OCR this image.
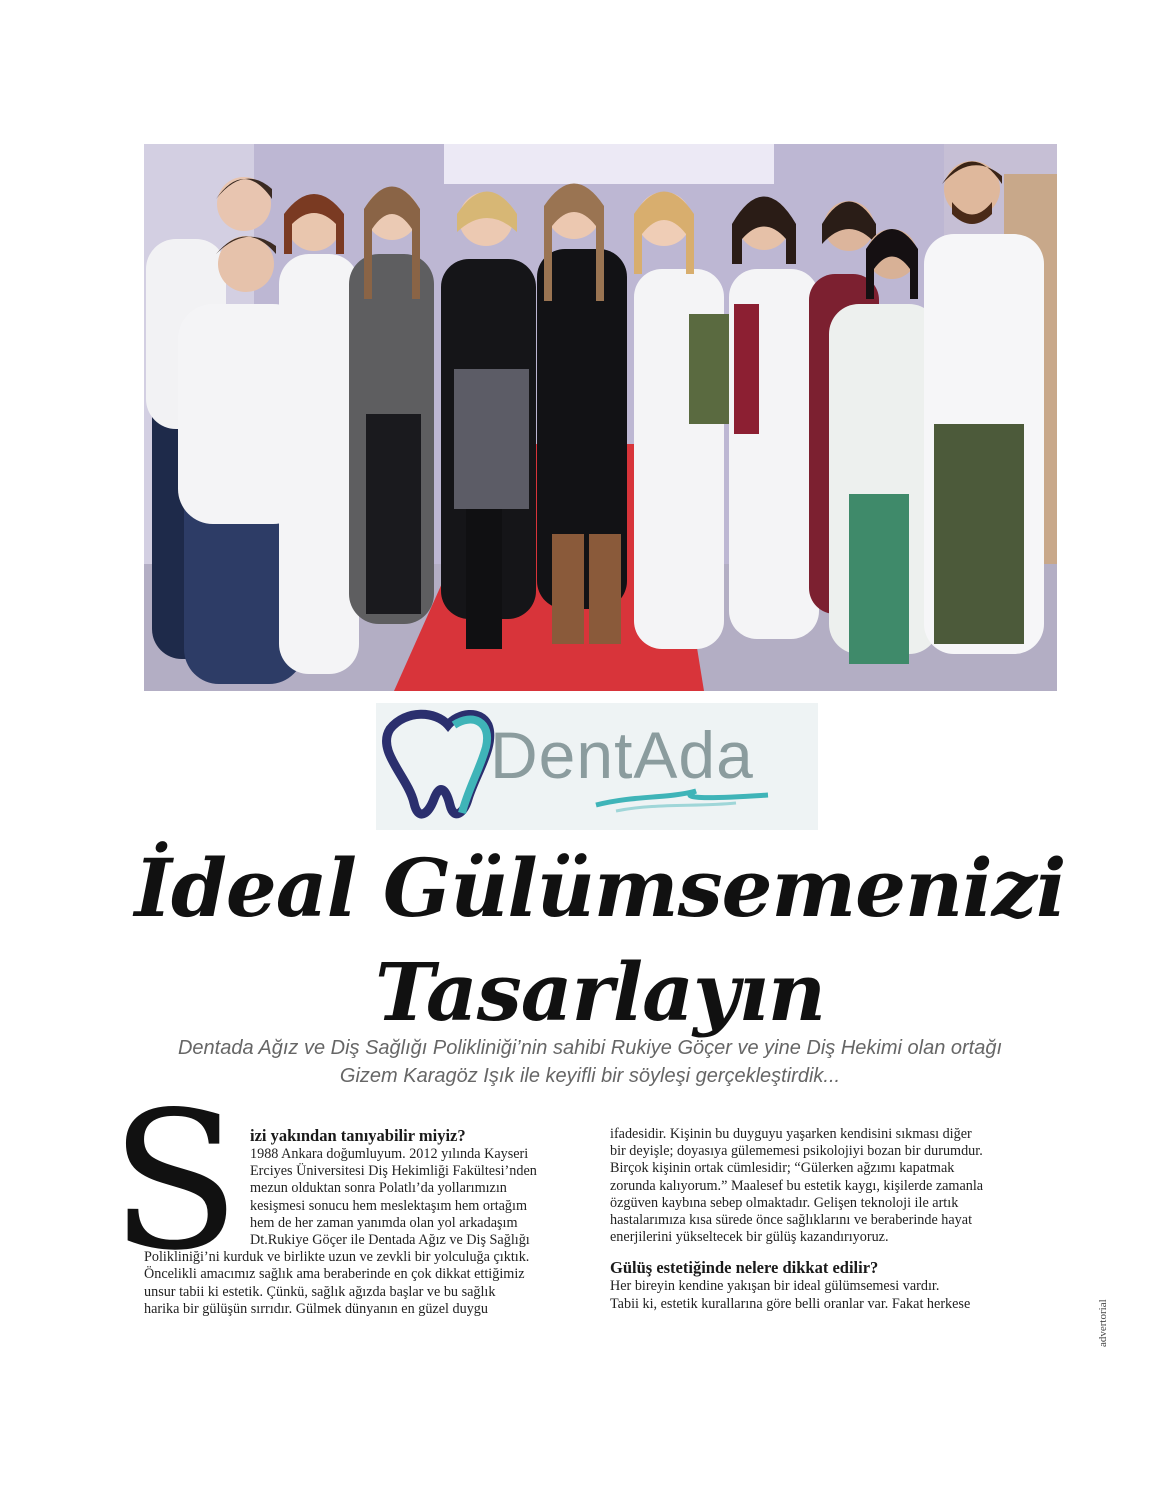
DentAda
İdeal Gülümsemenizi
Tasarlayın
Dentada Ağız ve Diş Sağlığı Polikliniği’nin sahibi Rukiye Göçer ve yine Diş Hekimi olan ortağı
Gizem Karagöz Işık ile keyifli bir söyleşi gerçekleştirdik...
S izi yakından tanıyabilir miyiz?
1988 Ankara doğumluyum. 2012 yılında Kayseri
Erciyes Üniversitesi Diş Hekimliği Fakültesi’nden
mezun olduktan sonra Polatlı’da yollarımızın
kesişmesi sonucu hem meslektaşım hem ortağım
hem de her zaman yanımda olan yol arkadaşım
Dt.Rukiye Göçer ile Dentada Ağız ve Diş Sağlığı
Polikliniği’ni kurduk ve birlikte uzun ve zevkli bir yolculuğa çıktık.
Öncelikli amacımız sağlık ama beraberinde en çok dikkat ettiğimiz
unsur tabii ki estetik. Çünkü, sağlık ağızda başlar ve bu sağlık
harika bir gülüşün sırrıdır. Gülmek dünyanın en güzel duygu
ifadesidir. Kişinin bu duyguyu yaşarken kendisini sıkması diğer
bir deyişle; doyasıya gülememesi psikolojiyi bozan bir durumdur.
Birçok kişinin ortak cümlesidir; “Gülerken ağzımı kapatmak
zorunda kalıyorum.” Maalesef bu estetik kaygı, kişilerde zamanla
özgüven kaybına sebep olmaktadır. Gelişen teknoloji ile artık
hastalarımıza kısa sürede önce sağlıklarını ve beraberinde hayat
enerjilerini yükseltecek bir gülüş kazandırıyoruz.
Gülüş estetiğinde nelere dikkat edilir?
Her bireyin kendine yakışan bir ideal gülümsemesi vardır.
Tabii ki, estetik kurallarına göre belli oranlar var. Fakat herkese	advertorial
